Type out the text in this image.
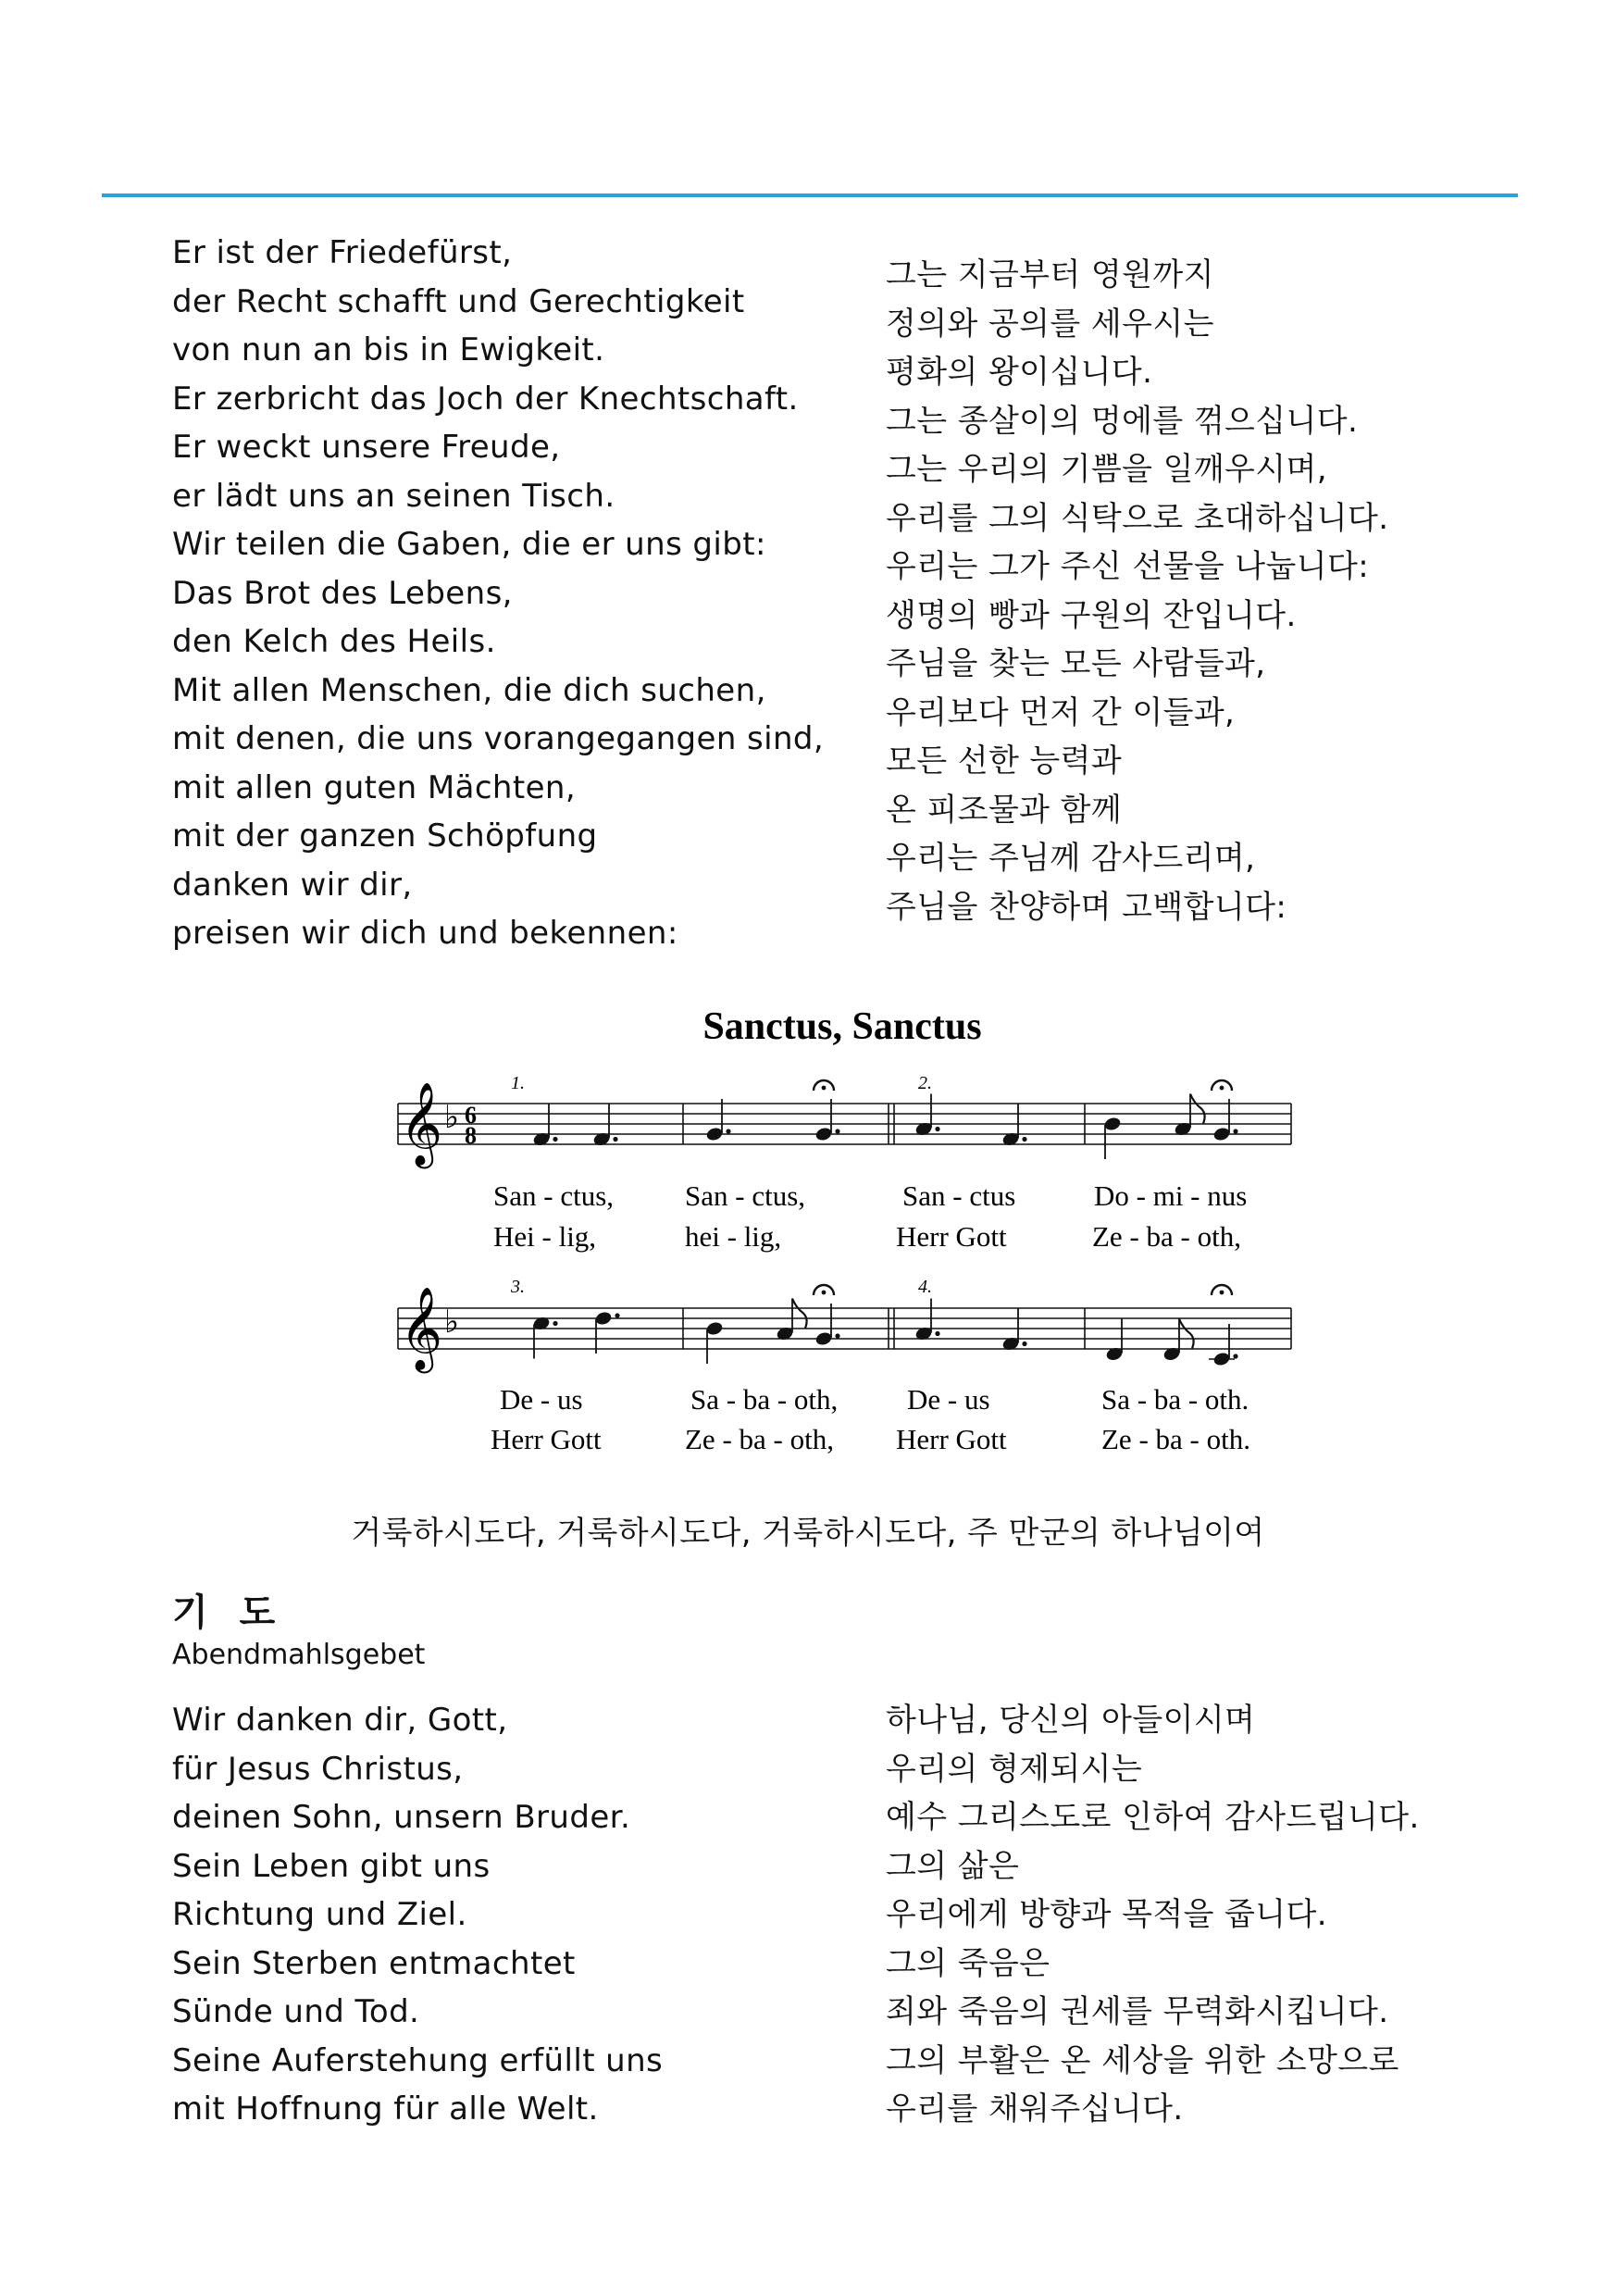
Er ist der Friedefürst,
der Recht schafft und Gerechtigkeit
von nun an bis in Ewigkeit.
Er zerbricht das Joch der Knechtschaft.
Er weckt unsere Freude,
er lädt uns an seinen Tisch.
Wir teilen die Gaben, die er uns gibt:
Das Brot des Lebens,
den Kelch des Heils.
Mit allen Menschen, die dich suchen,
mit denen, die uns vorangegangen sind,
mit allen guten Mächten,
mit der ganzen Schöpfung
danken wir dir,
preisen wir dich und bekennen:
그는 지금부터 영원까지
정의와 공의를 세우시는
평화의 왕이십니다.
그는 종살이의 멍에를 꺾으십니다.
그는 우리의 기쁨을 일깨우시며,
우리를 그의 식탁으로 초대하십니다.
우리는 그가 주신 선물을 나눕니다:
생명의 빵과 구원의 잔입니다.
주님을 찾는 모든 사람들과,
우리보다 먼저 간 이들과,
모든 선한 능력과
온 피조물과 함께
우리는 주님께 감사드리며,
주님을 찬양하며 고백합니다:
Sanctus, Sanctus
𝄞 ♭ 6
8
1.	2.
San - ctus, San - ctus,	San - ctus	Do - mi - nus
Hei - lig,	hei - lig,	Herr Gott	Ze - ba - oth,
𝄞 ♭
3.	4.
De - us	Sa - ba - oth, De - us	Sa - ba - oth.
Herr Gott	Ze - ba - oth, Herr Gott	Ze - ba - oth.
거룩하시도다, 거룩하시도다, 거룩하시도다, 주 만군의 하나님이여
기 도
Abendmahlsgebet
Wir danken dir, Gott,
für Jesus Christus,
deinen Sohn, unsern Bruder.
Sein Leben gibt uns
Richtung und Ziel.
Sein Sterben entmachtet
Sünde und Tod.
Seine Auferstehung erfüllt uns
mit Hoffnung für alle Welt.
하나님, 당신의 아들이시며
우리의 형제되시는
예수 그리스도로 인하여 감사드립니다.
그의 삶은
우리에게 방향과 목적을 줍니다.
그의 죽음은
죄와 죽음의 권세를 무력화시킵니다.
그의 부활은 온 세상을 위한 소망으로
우리를 채워주십니다.
